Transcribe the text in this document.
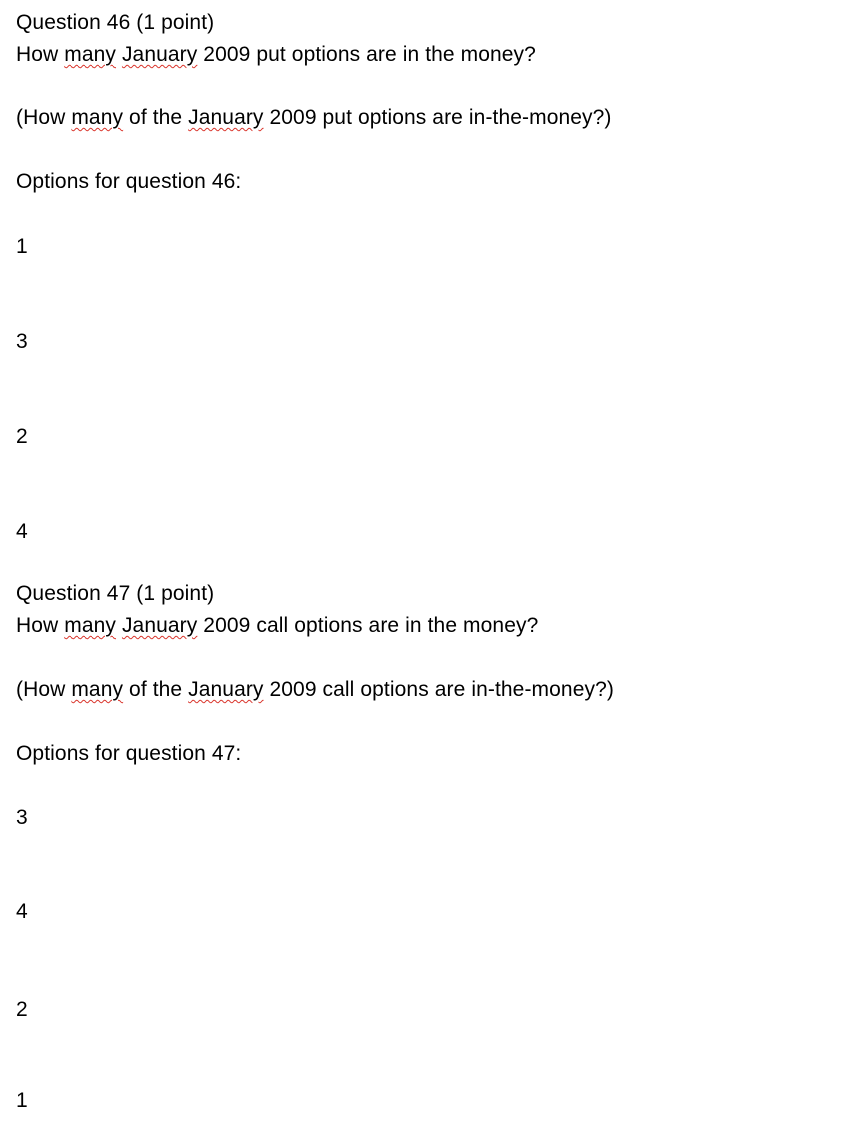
Question 46 (1 point)
How many January 2009 put options are in the money?
(How many of the January 2009 put options are in-the-money?)
Options for question 46:
1
3
2
4
Question 47 (1 point)
How many January 2009 call options are in the money?
(How many of the January 2009 call options are in-the-money?)
Options for question 47:
3
4
2
1
